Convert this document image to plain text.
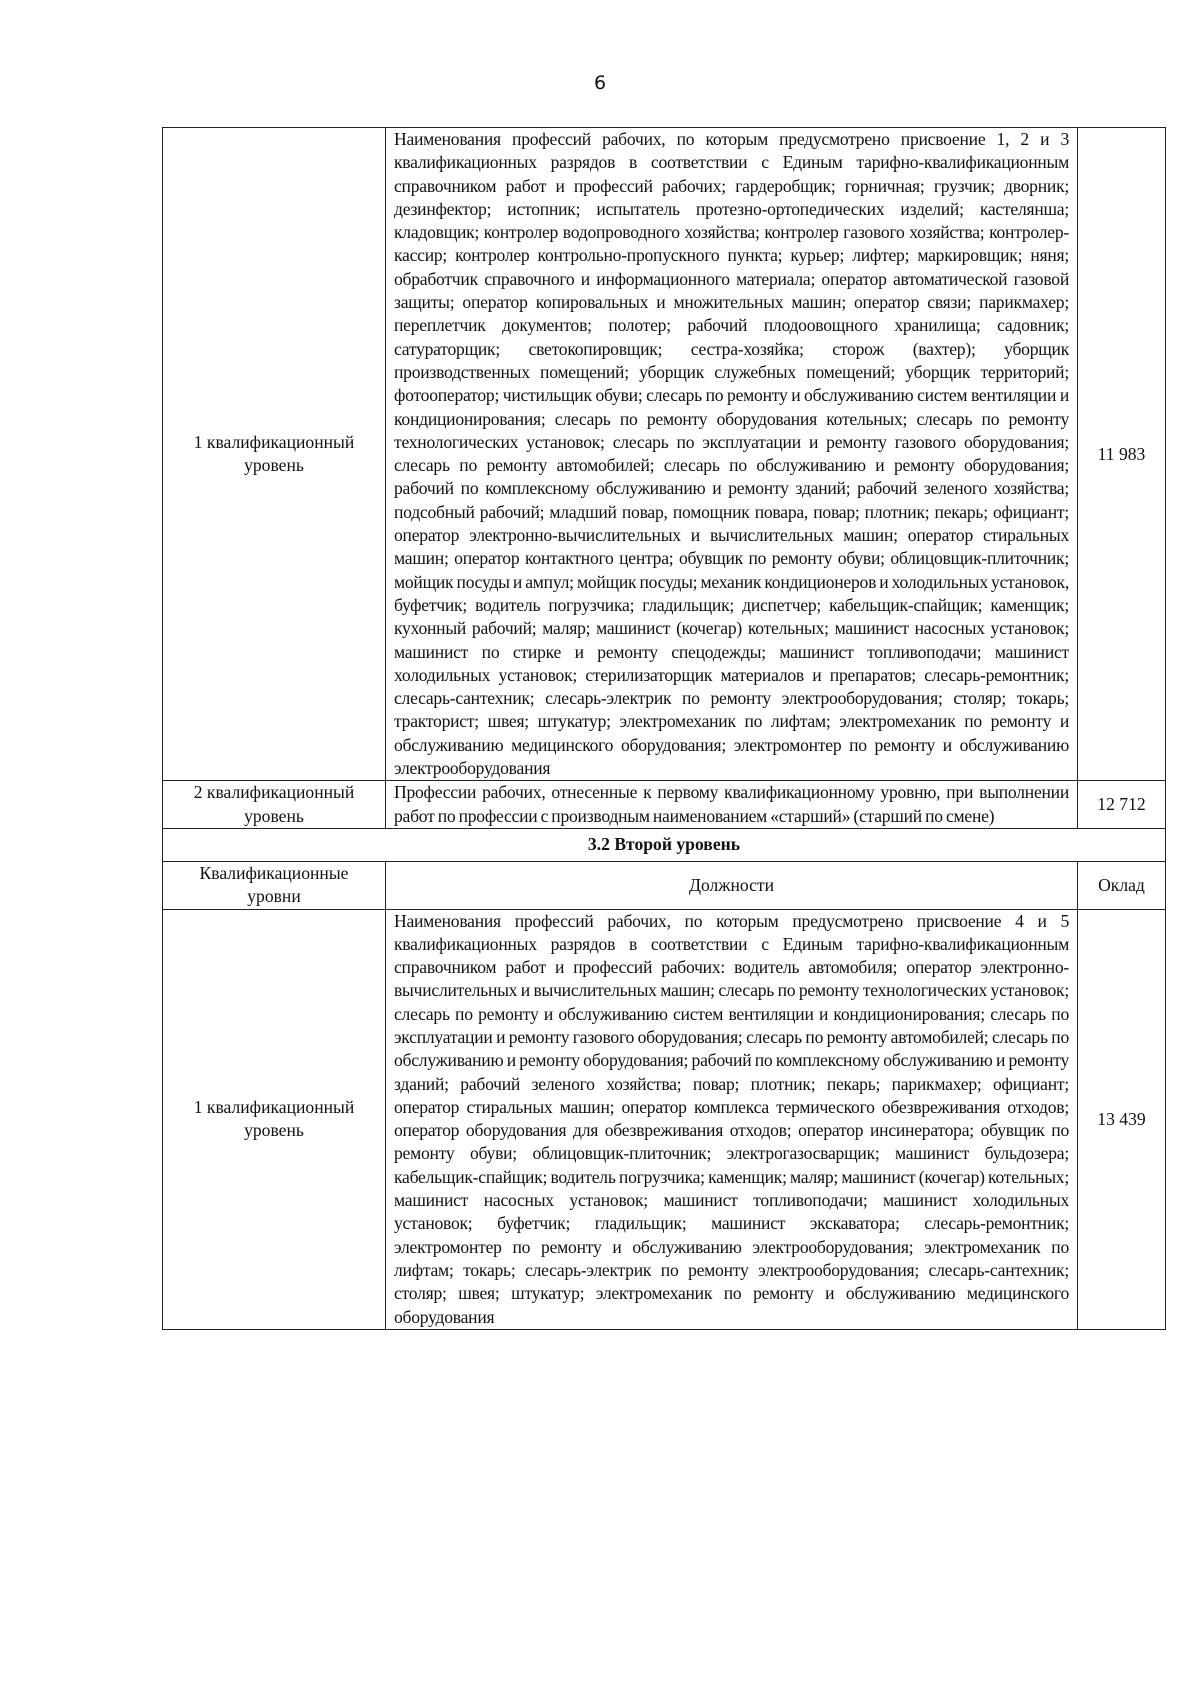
6
1 квалификационный уровень	Наименования профессий рабочих, по которым предусмотрено присвоение 1, 2 и 3 квалификационных разрядов в соответствии с Единым тарифно-квалификационным справочником работ и профессий рабочих; гардеробщик; горничная; грузчик; дворник; дезинфектор; истопник; испытатель протезно-ортопедических изделий; кастелянша; кладовщик; контролер водопроводного хозяйства; контролер газового хозяйства; контролер-кассир; контролер контрольно-пропускного пункта; курьер; лифтер; маркировщик; няня; обработчик справочного и информационного материала; оператор автоматической газовой защиты; оператор копировальных и множительных машин; оператор связи; парикмахер; переплетчик документов; полотер; рабочий плодоовощного хранилища; садовник; сатураторщик; светокопировщик; сестра-хозяйка; сторож (вахтер); уборщик производственных помещений; уборщик служебных помещений; уборщик территорий; фотооператор; чистильщик обуви; слесарь по ремонту и обслуживанию систем вентиляции и кондиционирования; слесарь по ремонту оборудования котельных; слесарь по ремонту технологических установок; слесарь по эксплуатации и ремонту газового оборудования; слесарь по ремонту автомобилей; слесарь по обслуживанию и ремонту оборудования; рабочий по комплексному обслуживанию и ремонту зданий; рабочий зеленого хозяйства; подсобный рабочий; младший повар, помощник повара, повар; плотник; пекарь; официант; оператор электронно-вычислительных и вычислительных машин; оператор стиральных машин; оператор контактного центра; обувщик по ремонту обуви; облицовщик-плиточник; мойщик посуды и ампул; мойщик посуды; механик кондиционеров и холодильных установок, буфетчик; водитель погрузчика; гладильщик; диспетчер; кабельщик-спайщик; каменщик; кухонный рабочий; маляр; машинист (кочегар) котельных; машинист насосных установок; машинист по стирке и ремонту спецодежды; машинист топливоподачи; машинист холодильных установок; стерилизаторщик материалов и препаратов; слесарь-ремонтник; слесарь-сантехник; слесарь-электрик по ремонту электрооборудования; столяр; токарь; тракторист; швея; штукатур; электромеханик по лифтам; электромеханик по ремонту и обслуживанию медицинского оборудования; электромонтер по ремонту и обслуживанию электрооборудования	11 983
2 квалификационный уровень	Профессии рабочих, отнесенные к первому квалификационному уровню, при выполнении работ по профессии с производным наименованием «старший» (старший по смене)	12 712
3.2 Второй уровень		
Квалификационные уровни	Должности	Оклад
1 квалификационный уровень	Наименования профессий рабочих, по которым предусмотрено присвоение 4 и 5 квалификационных разрядов в соответствии с Единым тарифно-квалификационным справочником работ и профессий рабочих: водитель автомобиля; оператор электронно-вычислительных и вычислительных машин; слесарь по ремонту технологических установок; слесарь по ремонту и обслуживанию систем вентиляции и кондиционирования; слесарь по эксплуатации и ремонту газового оборудования; слесарь по ремонту автомобилей; слесарь по обслуживанию и ремонту оборудования; рабочий по комплексному обслуживанию и ремонту зданий; рабочий зеленого хозяйства; повар; плотник; пекарь; парикмахер; официант; оператор стиральных машин; оператор комплекса термического обезвреживания отходов; оператор оборудования для обезвреживания отходов; оператор инсинератора; обувщик по ремонту обуви; облицовщик-плиточник; электрогазосварщик; машинист бульдозера; кабельщик-спайщик; водитель погрузчика; каменщик; маляр; машинист (кочегар) котельных; машинист насосных установок; машинист топливоподачи; машинист холодильных установок; буфетчик; гладильщик; машинист экскаватора; слесарь-ремонтник; электромонтер по ремонту и обслуживанию электрооборудования; электромеханик по лифтам; токарь; слесарь-электрик по ремонту электрооборудования; слесарь-сантехник; столяр; швея; штукатур; электромеханик по ремонту и обслуживанию медицинского оборудования	13 439
